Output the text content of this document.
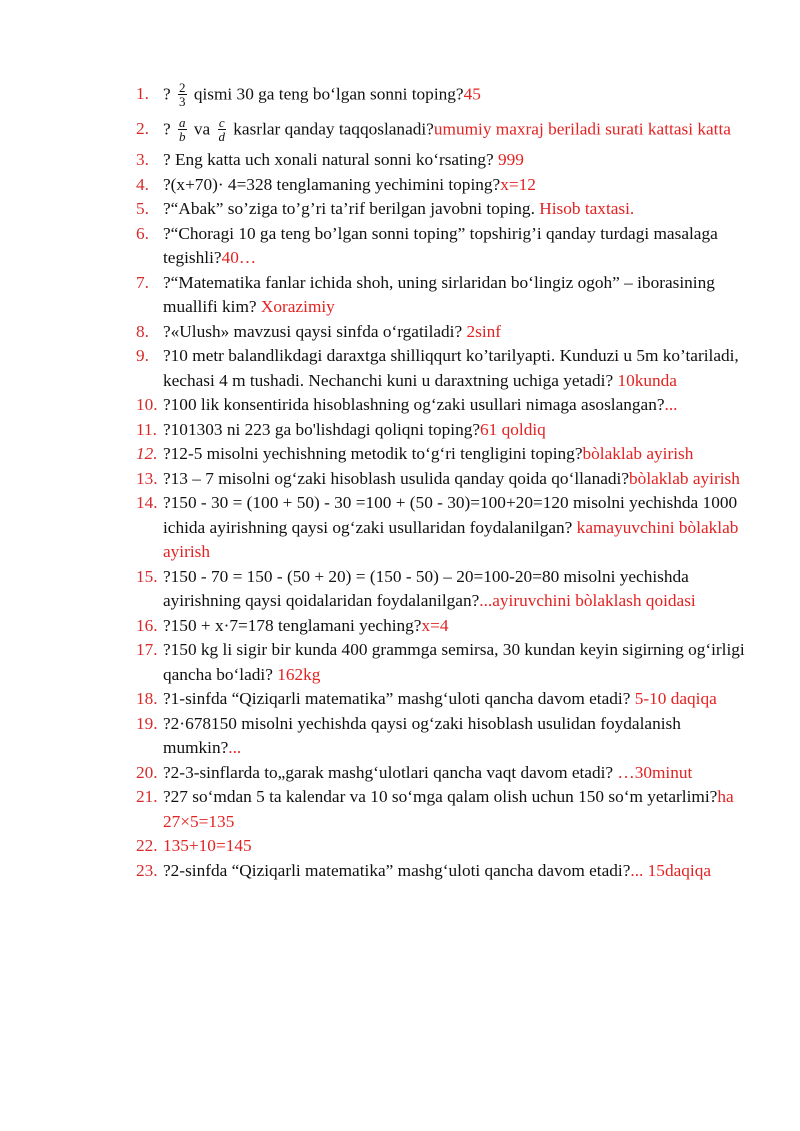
1. ? $\frac{2}{3}$ qismi 30 ga teng bo‘lgan sonni toping?45
2. ? $\frac{a}{b}$ va $\frac{c}{d}$ kasrlar qanday taqqoslanadi?umumiy maxraj beriladi surati kattasi katta
3. ? Eng katta uch xonali natural sonni ko‘rsating? 999
4. ?(x+70)· 4=328 tenglamaning yechimini toping?x=12
5. ?“Abak” so’ziga to’g’ri ta’rif berilgan javobni toping. Hisob taxtasi.
6. ?“Choragi 10 ga teng bo’lgan sonni toping” topshirig’i qanday turdagi masalaga tegishli?40…
7. ?“Matematika fanlar ichida shoh, uning sirlaridan bo‘lingiz ogoh” – iborasining muallifi kim? Xorazimiy
8. ?«Ulush» mavzusi qaysi sinfda o‘rgatiladi? 2sinf
9. ?10 metr balandlikdagi daraxtga shilliqqurt ko’tarilyapti. Kunduzi u 5m ko’tariladi, kechasi 4 m tushadi. Nechanchi kuni u daraxtning uchiga yetadi? 10kunda
10. ?100 lik konsentirida hisoblashning og‘zaki usullari nimaga asoslangan?...
11. ?101303 ni 223 ga bo'lishdagi qoliqni toping?61 qoldiq
12. ?12-5 misolni yechishning metodik to‘g‘ri tengligini toping?bòlaklab ayirish
13. ?13 – 7 misolni og‘zaki hisoblash usulida qanday qoida qo‘llanadi?bòlaklab ayirish
14. ?150 - 30 = (100 + 50) - 30 =100 + (50 - 30)=100+20=120 misolni yechishda 1000 ichida ayirishning qaysi og‘zaki usullaridan foydalanilgan? kamayuvchini bòlaklab ayirish
15. ?150 - 70 = 150 - (50 + 20) = (150 - 50) – 20=100-20=80 misolni yechishda ayirishning qaysi qoidalaridan foydalanilgan?...ayiruvchini bòlaklash qoidasi
16. ?150 + x·7=178 tenglamani yeching?x=4
17. ?150 kg li sigir bir kunda 400 grammga semirsa, 30 kundan keyin sigirning og‘irligi qancha bo‘ladi? 162kg
18. ?1-sinfda “Qiziqarli matematika” mashg‘uloti qancha davom etadi? 5-10 daqiqa
19. ?2·678150 misolni yechishda qaysi og‘zaki hisoblash usulidan foydalanish mumkin?...
20. ?2-3-sinflarda to„garak mashg‘ulotlari qancha vaqt davom etadi? …30minut
21. ?27 so‘mdan 5 ta kalendar va 10 so‘mga qalam olish uchun 150 so‘m yetarlimi?ha 27×5=135
22. 135+10=145
23. ?2-sinfda “Qiziqarli matematika” mashg‘uloti qancha davom etadi?... 15daqiqa
